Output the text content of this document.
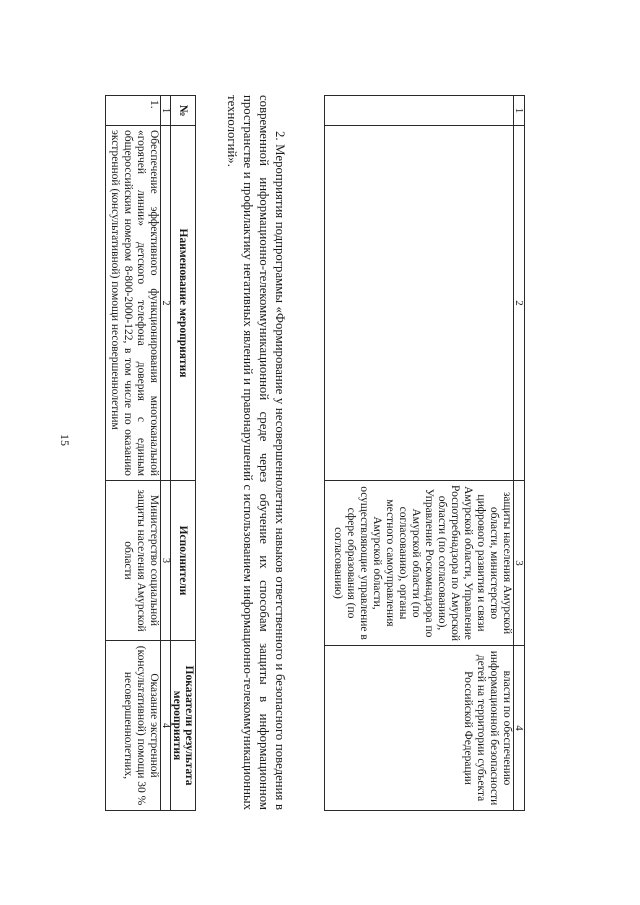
15
1	2	3	4
		защиты населения Амурской области, министерство цифрового развития и связи Амурской области, Управление Роспотребнадзора по Амурской области (по согласованию), Управление Роскомнадзора по Амурской области (по согласованию), органы местного самоуправления Амурской области, осуществляющие управление в сфере образования (по согласованию)	власти по обеспечению информационной безопасности детей на территории субъекта Российской Федерации
2. Мероприятия подпрограммы «Формирование у несовершеннолетних навыков ответственного и безопасного поведения в современной информационно-телекоммуникационной среде через обучение их способам защиты в информационном пространстве и профилактику негативных явлений и правонарушений с использованием информационно-телекоммуникационных технологий».
№	Наименование мероприятия	Исполнители	Показатели результата мероприятия
1	2	3	4
1.	Обеспечение эффективного функционирования многоканальной «горячей линии» детского телефона доверия с единым общероссийским номером 8-800-2000-122, в том числе по оказанию экстренной (консультативной) помощи несовершеннолетним	Министерство социальной защиты населения Амурской области	Оказание экстренной (консультативной) помощи 30 % несовершеннолетних,
